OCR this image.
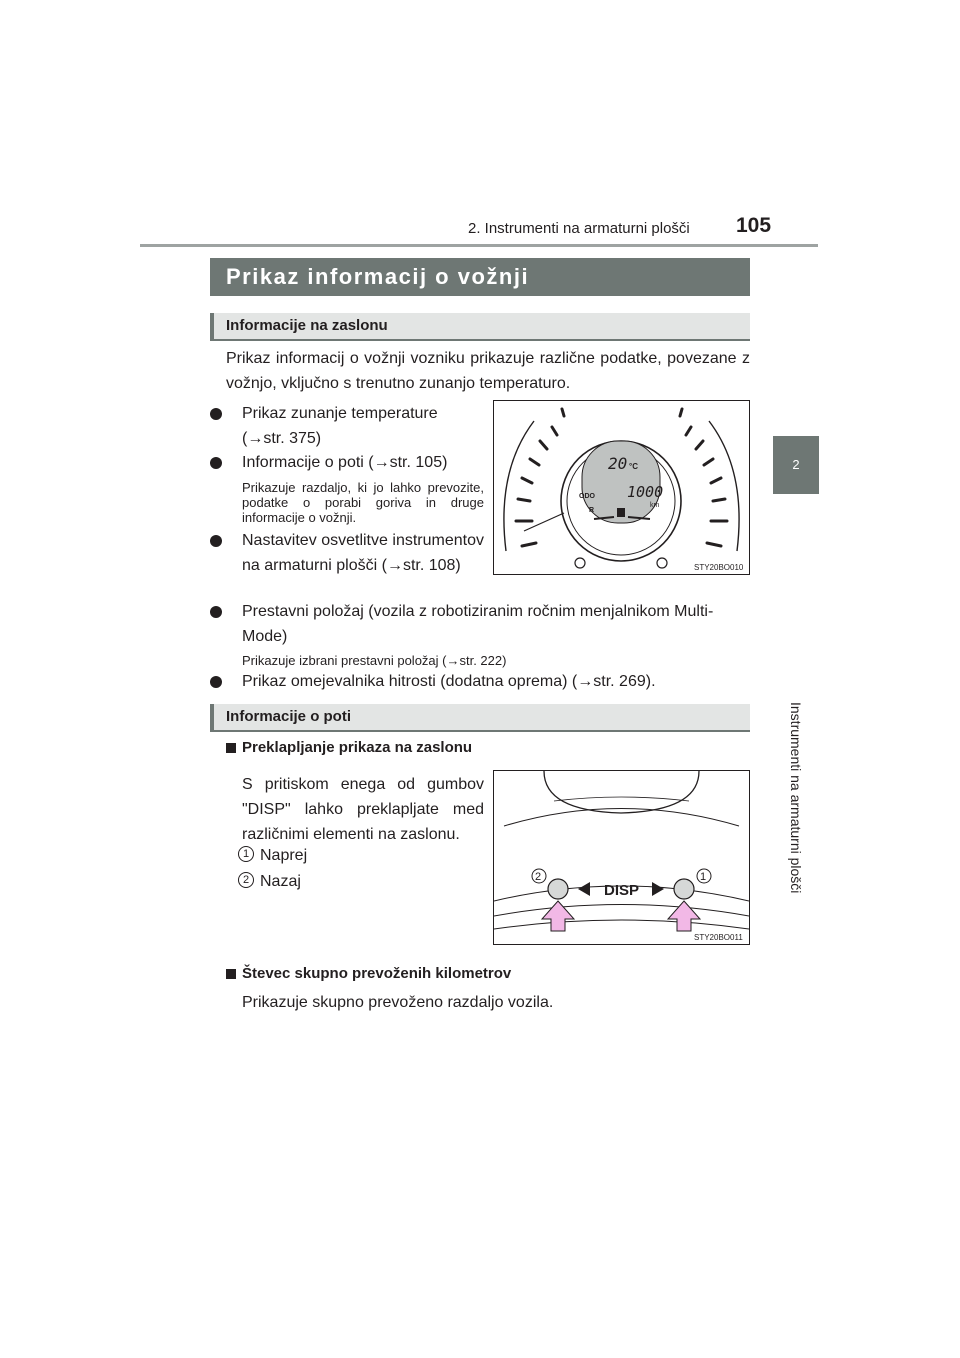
2. Instrumenti na armaturni plošči 105
2
Instrumenti na armaturni plošči
Prikaz informacij o vožnji
Informacije na zaslonu
Prikaz informacij o vožnji vozniku prikazuje različne podatke, povezane z vožnjo, vključno s trenutno zunanjo temperaturo.
Prikaz zunanje temperature (→str. 375)
Informacije o poti (→str. 105)
Prikazuje razdaljo, ki jo lahko prevozite, podatke o porabi goriva in druge informacije o vožnji.
Nastavitev osvetlitve instrumentov na armaturni plošči (→str. 108)
Prestavni položaj (vozila z robotiziranim ročnim menjalnikom Multi-Mode)
Prikazuje izbrani prestavni položaj (→str. 222)
Prikaz omejevalnika hitrosti (dodatna oprema) (→str. 269).
20 °C
ODO 1000
km
R
STY20BO010
Informacije o poti
Preklapljanje prikaza na zaslonu
S pritiskom enega od gumbov "DISP" lahko preklapljate med različnimi elementi na zaslonu.
1 Naprej
2 Nazaj
DISP
2	1
STY20BO011
Števec skupno prevoženih kilometrov
Prikazuje skupno prevoženo razdaljo vozila.
